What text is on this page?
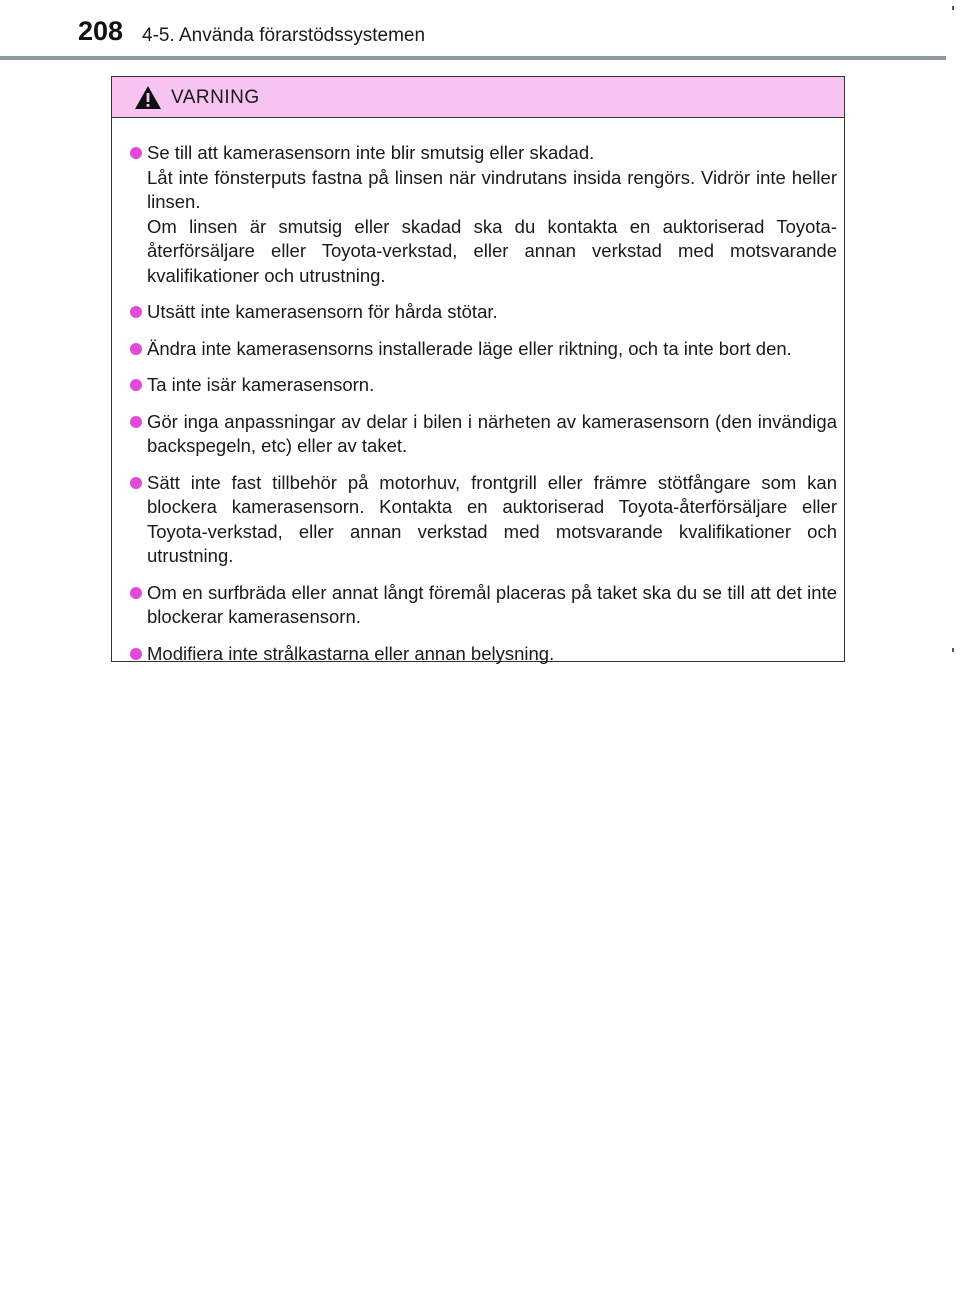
208 4-5. Använda förarstödssystemen
VARNING
Se till att kamerasensorn inte blir smutsig eller skadad.
Låt inte fönsterputs fastna på linsen när vindrutans insida rengörs. Vidrör inte heller linsen.
Om linsen är smutsig eller skadad ska du kontakta en auktoriserad Toyota-återförsäljare eller Toyota-verkstad, eller annan verkstad med motsvarande kvalifikationer och utrustning.
Utsätt inte kamerasensorn för hårda stötar.
Ändra inte kamerasensorns installerade läge eller riktning, och ta inte bort den.
Ta inte isär kamerasensorn.
Gör inga anpassningar av delar i bilen i närheten av kamerasensorn (den invändiga backspegeln, etc) eller av taket.
Sätt inte fast tillbehör på motorhuv, frontgrill eller främre stötfångare som kan blockera kamerasensorn. Kontakta en auktoriserad Toyota-återförsäljare eller Toyota-verkstad, eller annan verkstad med motsvarande kvalifikationer och utrustning.
Om en surfbräda eller annat långt föremål placeras på taket ska du se till att det inte blockerar kamerasensorn.
Modifiera inte strålkastarna eller annan belysning.
